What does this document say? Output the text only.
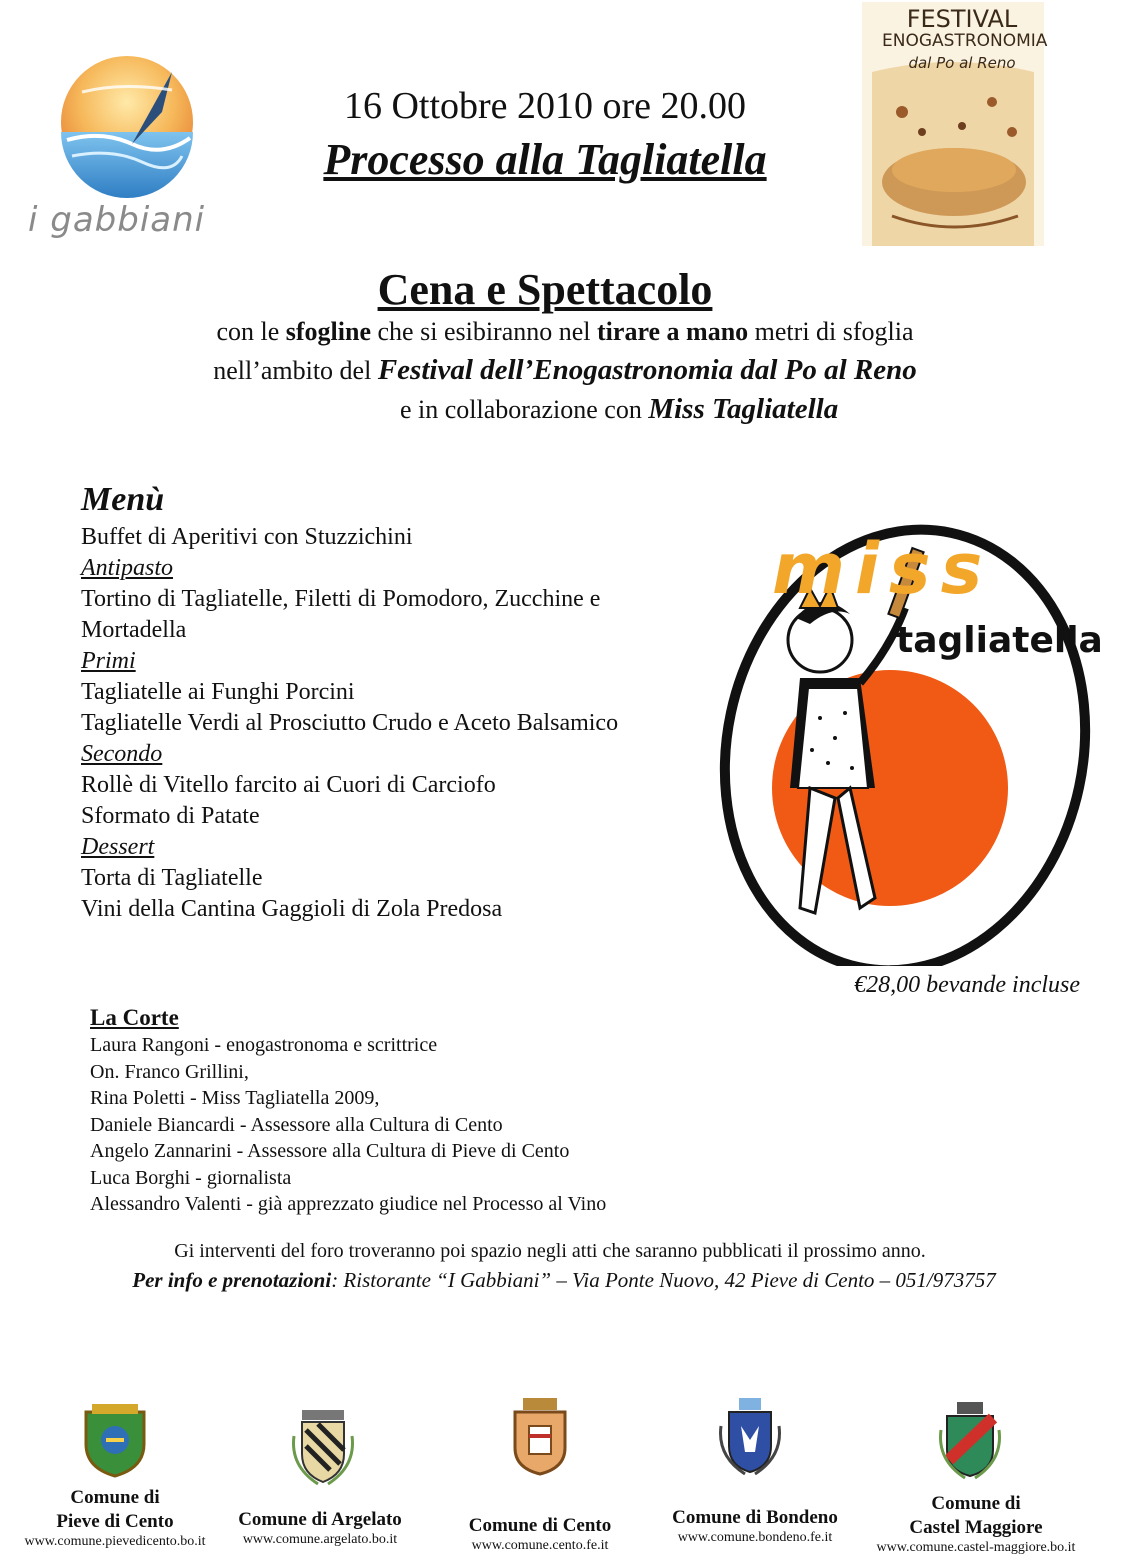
i gabbiani
FESTIVAL
ENOGASTRONOMIA
dal Po al Reno
16 Ottobre 2010 ore 20.00
Processo alla Tagliatella
Cena e Spettacolo
con le sfogline che si esibiranno nel tirare a mano metri di sfoglia
nell’ambito del Festival dell’Enogastronomia dal Po al Reno
e in collaborazione con Miss Tagliatella
Menù
Buffet di Aperitivi con Stuzzichini
Antipasto
Tortino di Tagliatelle, Filetti di Pomodoro, Zucchine e
Mortadella
Primi
Tagliatelle ai Funghi Porcini
Tagliatelle Verdi al Prosciutto Crudo e Aceto Balsamico
Secondo
Rollè di Vitello farcito ai Cuori di Carciofo
Sformato di Patate
Dessert
Torta di Tagliatelle
Vini della Cantina Gaggioli di Zola Predosa
miss
tagliatella
€28,00 bevande incluse
La Corte
Laura Rangoni - enogastronoma e scrittrice
On. Franco Grillini,
Rina Poletti - Miss Tagliatella 2009,
Daniele Biancardi - Assessore alla Cultura di Cento
Angelo Zannarini - Assessore alla Cultura di Pieve di Cento
Luca Borghi - giornalista
Alessandro Valenti - già apprezzato giudice nel Processo al Vino
Gi interventi del foro troveranno poi spazio negli atti che saranno pubblicati il prossimo anno.
Per info e prenotazioni: Ristorante “I Gabbiani” – Via Ponte Nuovo, 42 Pieve di Cento – 051/973757
Comune di
Pieve di Cento
www.comune.pievedicento.bo.it
Comune di Argelato
www.comune.argelato.bo.it
Comune di Cento
www.comune.cento.fe.it
Comune di Bondeno
www.comune.bondeno.fe.it
Comune di
Castel Maggiore
www.comune.castel-maggiore.bo.it
